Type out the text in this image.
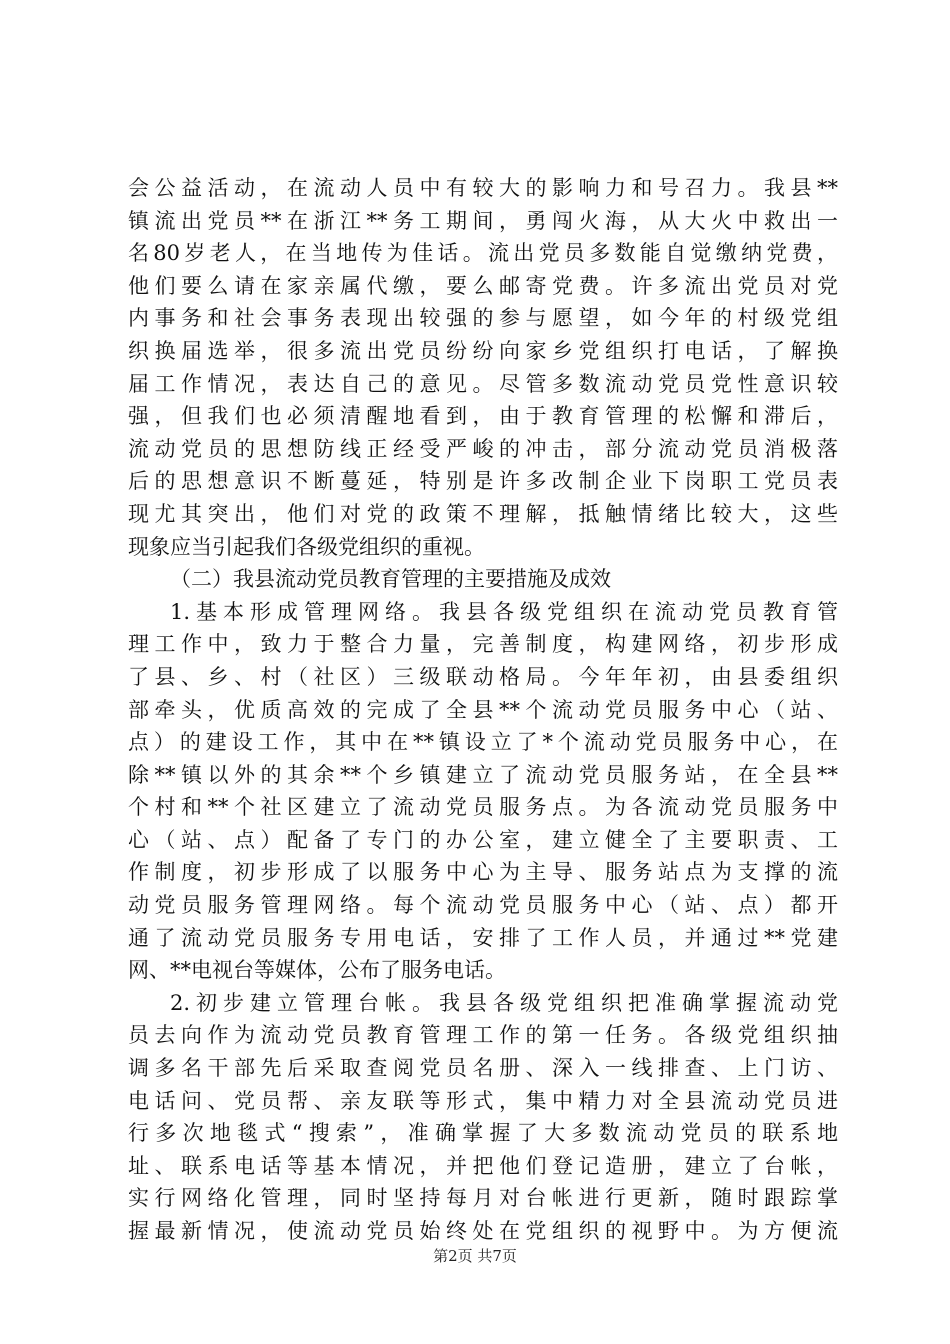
会公益活动，在流动人员中有较大的影响力和号召力。我县**
镇流出党员**在浙江**务工期间，勇闯火海，从大火中救出一
名80岁老人，在当地传为佳话。流出党员多数能自觉缴纳党费，
他们要么请在家亲属代缴，要么邮寄党费。许多流出党员对党
内事务和社会事务表现出较强的参与愿望，如今年的村级党组
织换届选举，很多流出党员纷纷向家乡党组织打电话，了解换
届工作情况，表达自己的意见。尽管多数流动党员党性意识较
强，但我们也必须清醒地看到，由于教育管理的松懈和滞后，
流动党员的思想防线正经受严峻的冲击，部分流动党员消极落
后的思想意识不断蔓延，特别是许多改制企业下岗职工党员表
现尤其突出，他们对党的政策不理解，抵触情绪比较大，这些
现象应当引起我们各级党组织的重视。
（二）我县流动党员教育管理的主要措施及成效
1.基本形成管理网络。我县各级党组织在流动党员教育管
理工作中，致力于整合力量，完善制度，构建网络，初步形成
了县、乡、村（社区）三级联动格局。今年年初，由县委组织
部牵头，优质高效的完成了全县**个流动党员服务中心（站、
点）的建设工作，其中在**镇设立了*个流动党员服务中心，在
除**镇以外的其余**个乡镇建立了流动党员服务站，在全县**
个村和**个社区建立了流动党员服务点。为各流动党员服务中
心（站、点）配备了专门的办公室，建立健全了主要职责、工
作制度，初步形成了以服务中心为主导、服务站点为支撑的流
动党员服务管理网络。每个流动党员服务中心（站、点）都开
通了流动党员服务专用电话，安排了工作人员，并通过**党建
网、**电视台等媒体，公布了服务电话。
2.初步建立管理台帐。我县各级党组织把准确掌握流动党
员去向作为流动党员教育管理工作的第一任务。各级党组织抽
调多名干部先后采取查阅党员名册、深入一线排查、上门访、
电话问、党员帮、亲友联等形式，集中精力对全县流动党员进
行多次地毯式“搜索”，准确掌握了大多数流动党员的联系地
址、联系电话等基本情况，并把他们登记造册，建立了台帐，
实行网络化管理，同时坚持每月对台帐进行更新，随时跟踪掌
握最新情况，使流动党员始终处在党组织的视野中。为方便流
第2页 共7页
